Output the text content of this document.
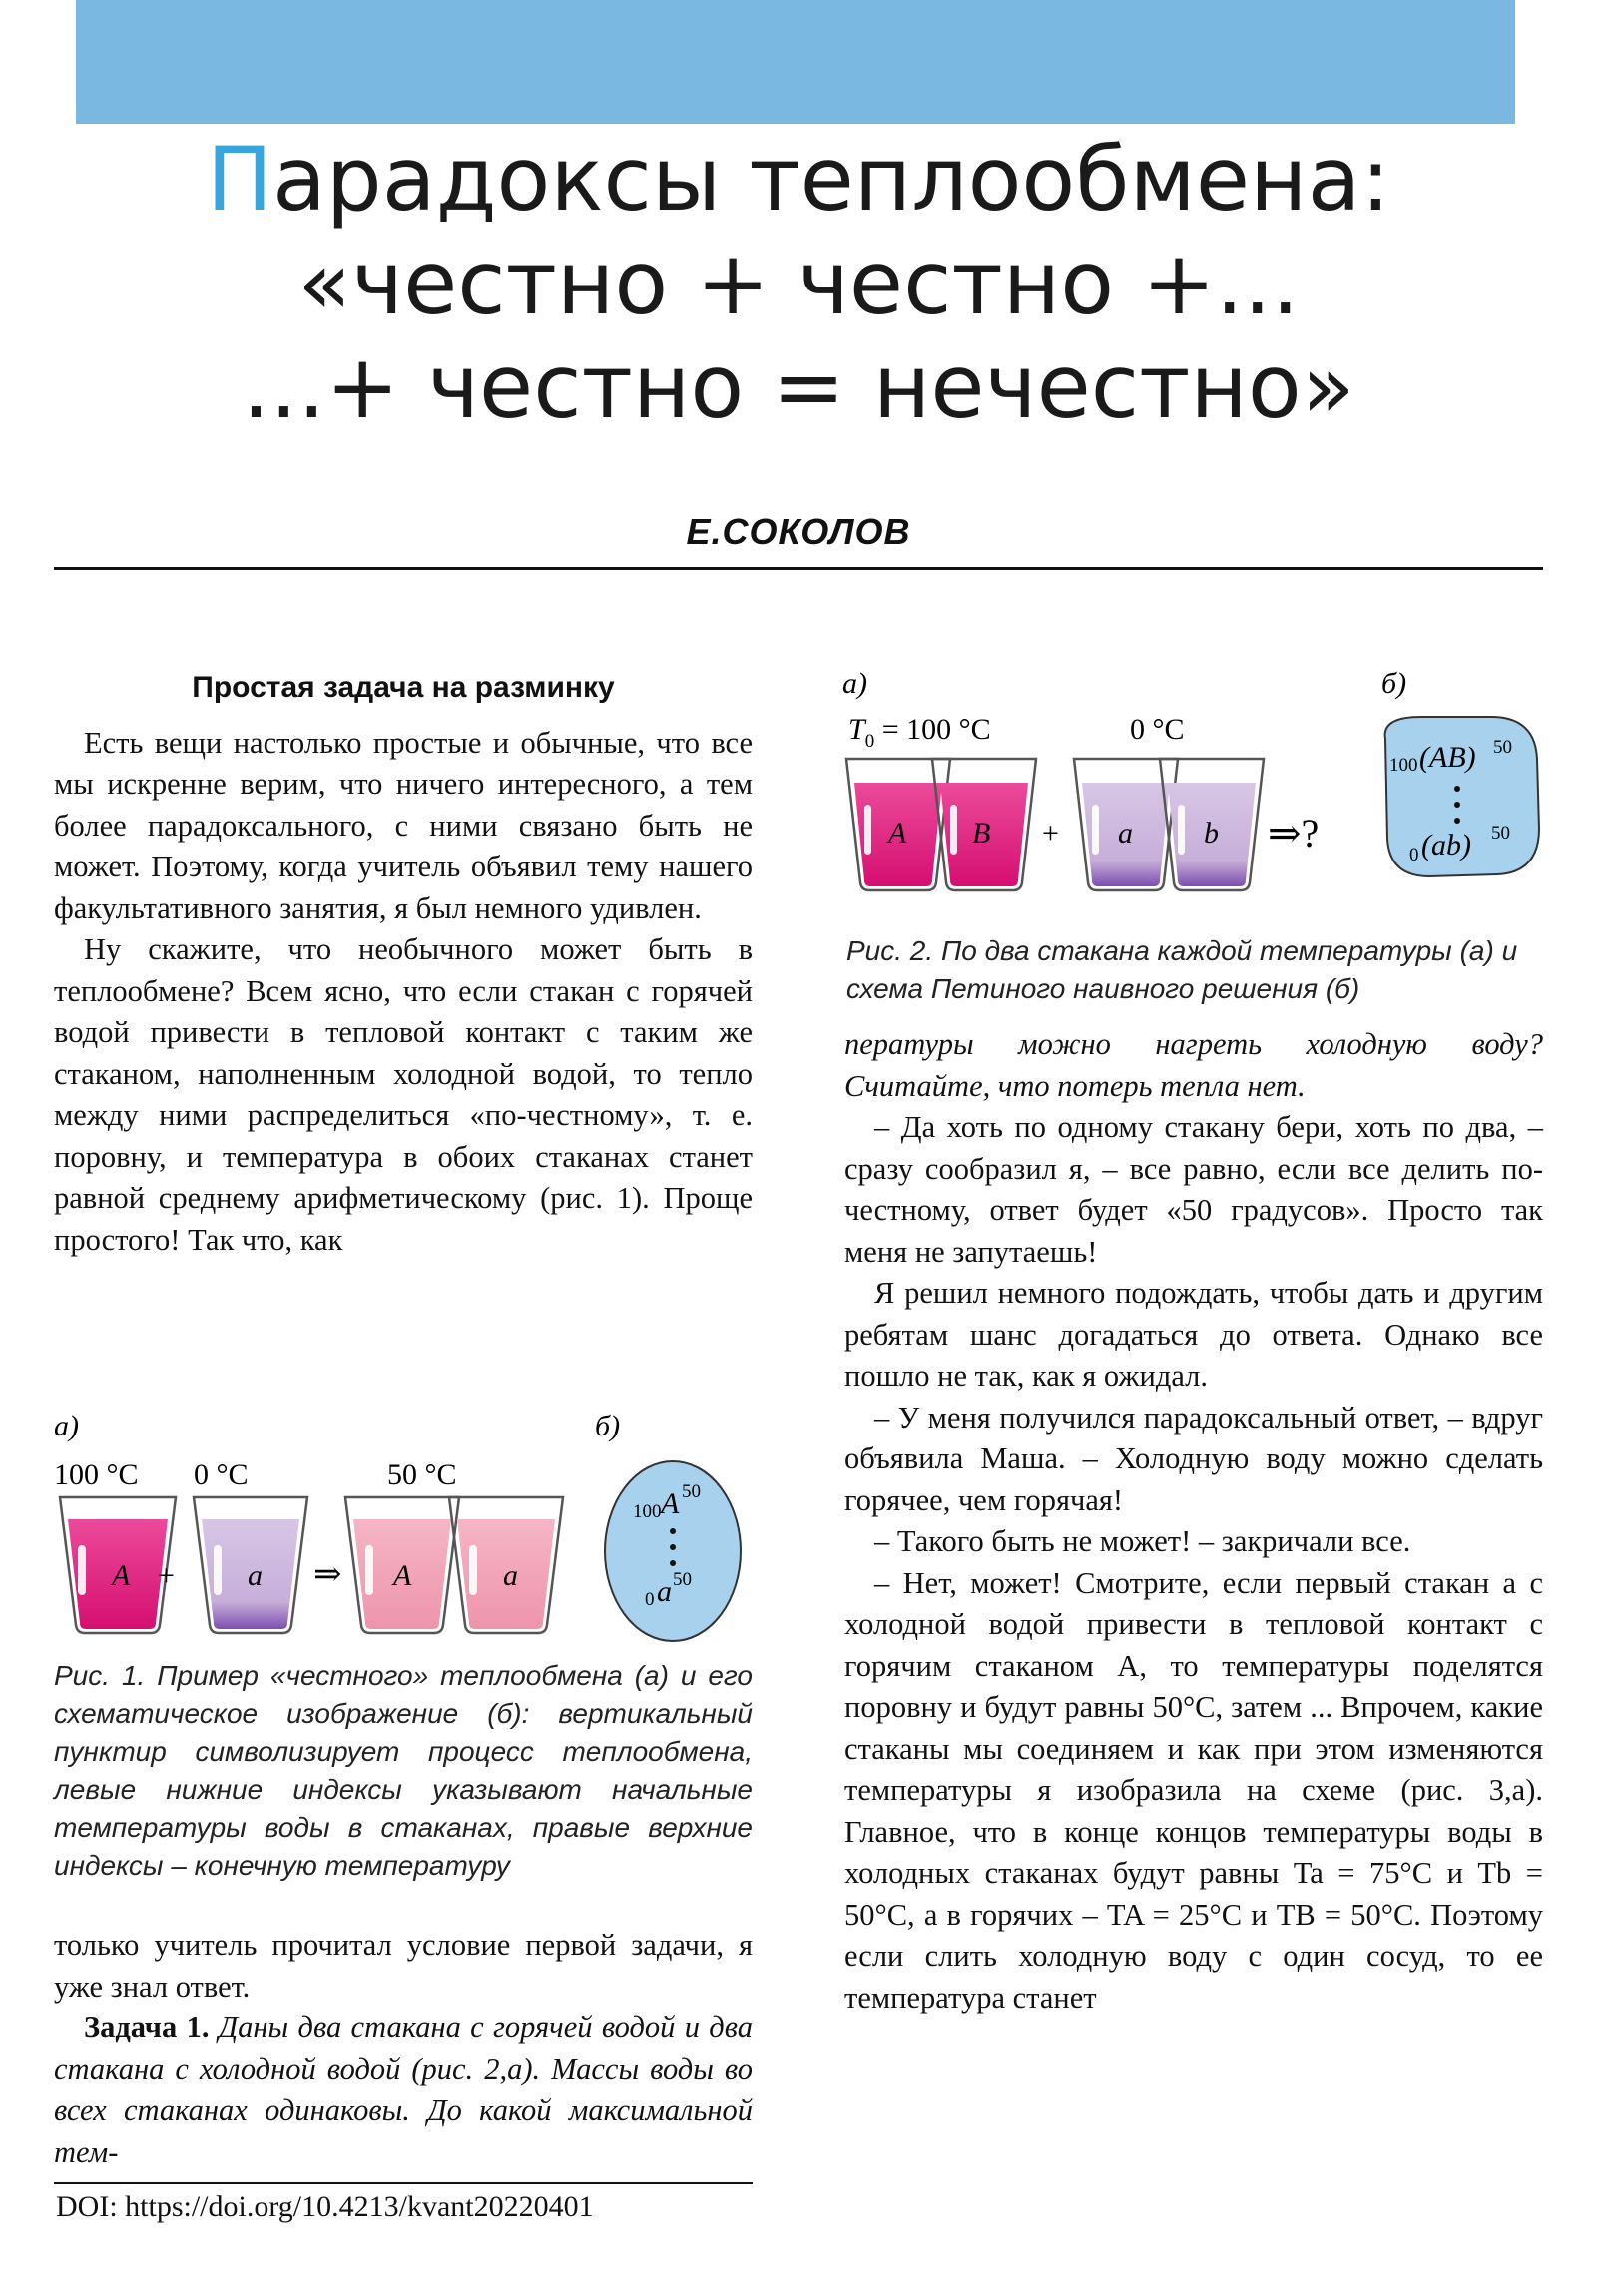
Парадоксы теплообмена:
«честно + честно +...
...+ честно = нечестно»
Е.СОКОЛОВ
Простая задача на разминку

Есть вещи настолько простые и обычные, что все мы искренне верим, что ничего интересного, а тем более парадоксального, с ними связано быть не может. Поэтому, когда учитель объявил тему нашего факультативного занятия, я был немного удивлен.

Ну скажите, что необычного может быть в теплообмене? Всем ясно, что если стакан с горячей водой привести в тепловой контакт с таким же стаканом, наполненным холодной водой, то тепло между ними распределиться «по-честному», т. е. поровну, и температура в обоих стаканах станет равной среднему арифметическому (рис. 1). Проще простого! Так что, как

а)
100 °C 0 °C	50 °C
A + a ⇒ A	a
б)
100 A 50
0 a 50

Рис. 1. Пример «честного» теплообмена (а) и его схематическое изображение (б): вертикальный пунктир символизирует процесс теплообмена, левые нижние индексы указывают начальные температуры воды в стаканах, правые верхние индексы – конечную температуру

только учитель прочитал условие первой задачи, я уже знал ответ.

Задача 1. Даны два стакана с горячей водой и два стакана с холодной водой (рис. 2,а). Массы воды во всех стаканах одинаковы. До какой максимальной тем-

DOI: https://doi.org/10.4213/kvant20220401
а)
$T_0 = 100$ °C	0 °C
A B + a b ⇒?
б)
100 (AB) 50
0 (ab) 50

Рис. 2. По два стакана каждой температуры (а) и схема Петиного наивного решения (б)

пературы можно нагреть холодную воду? Считайте, что потерь тепла нет.

– Да хоть по одному стакану бери, хоть по два, – сразу сообразил я, – все равно, если все делить по-честному, ответ будет «50 градусов». Просто так меня не запутаешь!

Я решил немного подождать, чтобы дать и другим ребятам шанс догадаться до ответа. Однако все пошло не так, как я ожидал.

– У меня получился парадоксальный ответ, – вдруг объявила Маша. – Холодную воду можно сделать горячее, чем горячая!

– Такого быть не может! – закричали все.

– Нет, может! Смотрите, если первый стакан а с холодной водой привести в тепловой контакт с горячим стаканом A, то температуры поделятся поровну и будут равны 50°С, затем ... Впрочем, какие стаканы мы соединяем и как при этом изменяются температуры я изобразила на схеме (рис. 3,а). Главное, что в конце концов температуры воды в холодных стаканах будут равны Ta = 75°С и Tb = 50°С, а в горячих – TA = 25°С и TB = 50°С. Поэтому если слить холодную воду с один сосуд, то ее температура станет
